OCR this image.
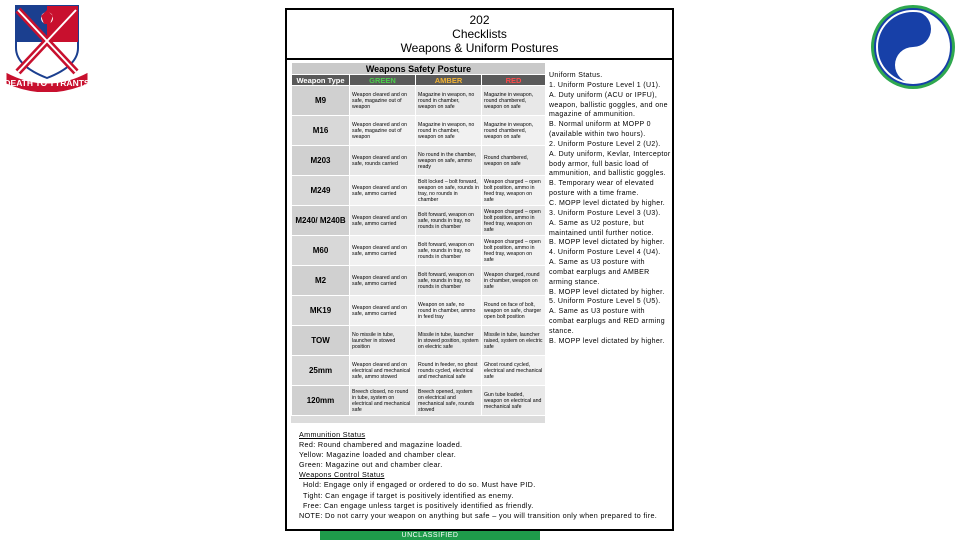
DEATH TO TYRANTS
202
Checklists
Weapons & Uniform Postures
Weapons Safety Posture			
Weapon Type	GREEN	AMBER	RED
M9	Weapon cleared and on safe, magazine out of weapon	Magazine in weapon, no round in chamber, weapon on safe	Magazine in weapon, round chambered, weapon on safe
M16	Weapon cleared and on safe, magazine out of weapon	Magazine in weapon, no round in chamber, weapon on safe	Magazine in weapon, round chambered, weapon on safe
M203	Weapon cleared and on safe, rounds carried	No round in the chamber, weapon on safe, ammo ready	Round chambered, weapon on safe
M249	Weapon cleared and on safe, ammo carried	Bolt locked – bolt forward, weapon on safe, rounds in tray, no rounds in chamber	Weapon charged – open bolt position, ammo in feed tray, weapon on safe
M240/ M240B	Weapon cleared and on safe, ammo carried	Bolt forward, weapon on safe, rounds in tray, no rounds in chamber	Weapon charged – open bolt position, ammo in feed tray, weapon on safe
M60	Weapon cleared and on safe, ammo carried	Bolt forward, weapon on safe, rounds in tray, no rounds in chamber	Weapon charged – open bolt position, ammo in feed tray, weapon on safe
M2	Weapon cleared and on safe, ammo carried	Bolt forward, weapon on safe, rounds in tray, no rounds in chamber	Weapon charged, round in chamber, weapon on safe
MK19	Weapon cleared and on safe, ammo carried	Weapon on safe, no round in chamber, ammo in feed tray	Round on face of bolt, weapon on safe, charger open bolt position
TOW	No missile in tube, launcher in stowed position	Missile in tube, launcher in stowed position, system on electric safe	Missile in tube, launcher raised, system on electric safe
25mm	Weapon cleared and on electrical and mechanical safe, ammo stowed	Round in feeder, no ghost rounds cycled, electrical and mechanical safe	Ghost round cycled, electrical and mechanical safe
120mm	Breech closed, no round in tube, system on electrical and mechanical safe	Breech opened, system on electrical and mechanical safe, rounds stowed	Gun tube loaded, weapon on electrical and mechanical safe
Uniform Status.
1. Uniform Posture Level 1 (U1).
A. Duty uniform (ACU or IPFU), weapon, ballistic goggles, and one magazine of ammunition.
B. Normal uniform at MOPP 0 (available within two hours).
2. Uniform Posture Level 2 (U2).
A. Duty uniform, Kevlar, Interceptor body armor, full basic load of ammunition, and ballistic goggles.
B. Temporary wear of elevated posture with a time frame.
C. MOPP level dictated by higher.
3. Uniform Posture Level 3 (U3).
A. Same as U2 posture, but maintained until further notice.
B. MOPP level dictated by higher.
4. Uniform Posture Level 4 (U4).
A. Same as U3 posture with combat earplugs and AMBER arming stance.
B. MOPP level dictated by higher.
5. Uniform Posture Level 5 (U5).
A. Same as U3 posture with combat earplugs and RED arming stance.
B. MOPP level dictated by higher.
Ammunition Status
Red: Round chambered and magazine loaded.
Yellow: Magazine loaded and chamber clear.
Green: Magazine out and chamber clear.
Weapons Control Status
Hold: Engage only if engaged or ordered to do so. Must have PID.
Tight: Can engage if target is positively identified as enemy.
Free: Can engage unless target is positively identified as friendly.
NOTE: Do not carry your weapon on anything but safe – you will transition only when prepared to fire.
UNCLASSIFIED
